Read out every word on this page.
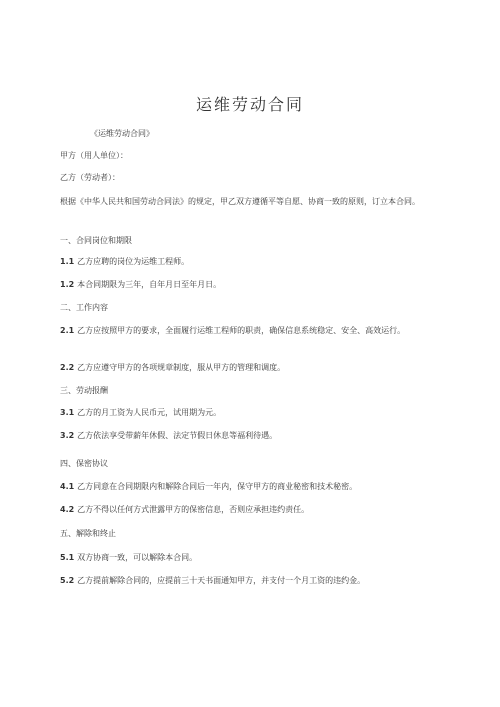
运维劳动合同

《运维劳动合同》

甲方（用人单位）：

乙方（劳动者）：

根据《中华人民共和国劳动合同法》的规定，甲乙双方遵循平等自愿、协商一致的原则，订立本合同。

一、合同岗位和期限

1.1 乙方应聘的岗位为运维工程师。

1.2 本合同期限为三年，自年月日至年月日。

二、工作内容

2.1 乙方应按照甲方的要求，全面履行运维工程师的职责，确保信息系统稳定、安全、高效运行。

2.2 乙方应遵守甲方的各项规章制度，服从甲方的管理和调度。

三、劳动报酬

3.1 乙方的月工资为人民币元，试用期为元。

3.2 乙方依法享受带薪年休假、法定节假日休息等福利待遇。

四、保密协议

4.1 乙方同意在合同期限内和解除合同后一年内，保守甲方的商业秘密和技术秘密。

4.2 乙方不得以任何方式泄露甲方的保密信息，否则应承担违约责任。

五、解除和终止

5.1 双方协商一致，可以解除本合同。

5.2 乙方提前解除合同的，应提前三十天书面通知甲方，并支付一个月工资的违约金。
